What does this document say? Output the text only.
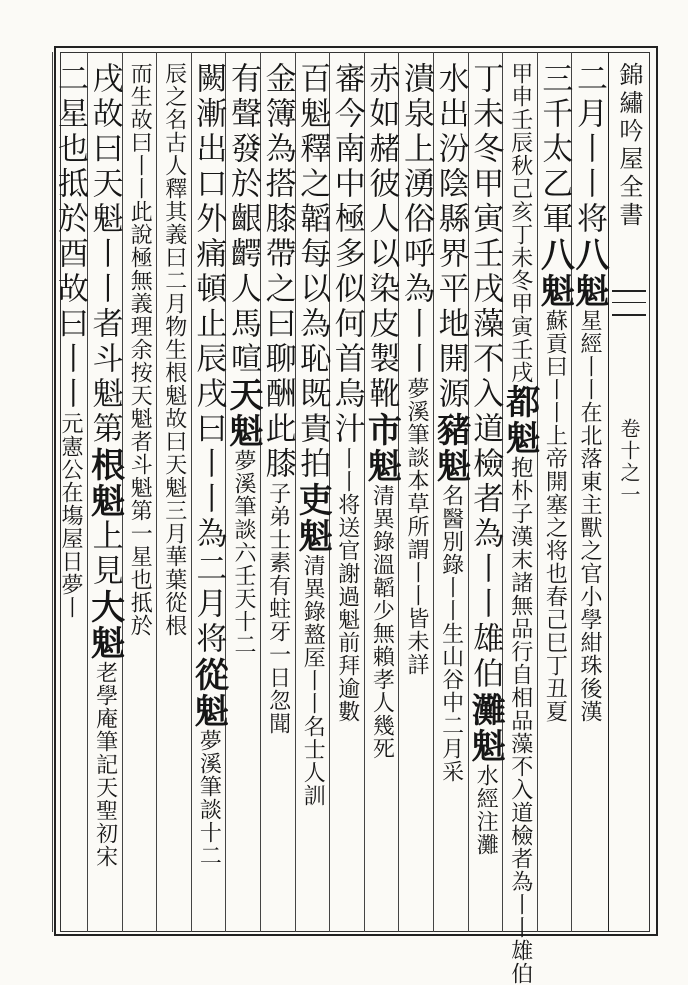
錦繡吟屋全書
卷十之一
二月丨丨将八魁星經丨丨在北落東主獸之官小學紺珠後漢
三千太乙軍八魁蘇貢曰丨丨上帝開塞之将也春己巳丁丑夏
甲申壬辰秋己亥丁未冬甲寅壬戌都魁抱朴子漢末諸無品行自相品藻不入道檢者為丨丨雄伯
丁未冬甲寅壬戌藻不入道檢者為丨丨雄伯灘魁水經注灘
水出汾陰縣界平地開源豬魁名醫別錄丨丨生山谷中二月采
潰泉上湧俗呼為丨丨夢溪筆談本草所謂丨丨皆未詳
赤如赭彼人以染皮製靴市魁清異錄溫韜少無賴孝人幾死
審今南中極多似何首烏汁丨丨将送官謝過魁前拜逾數
百魁釋之韜每以為恥既貴拍吏魁清異錄盩厔丨丨名士人訓
金簿為搭膝帶之曰聊酬此膝子弟士素有蛀牙一日忽聞
有聲發於齦齶人馬喧天魁夢溪筆談六壬天十二
闕漸出口外痛頓止辰戌曰丨丨為二月将從魁夢溪筆談十二
辰之名古人釋其義曰二月物生根魁故曰天魁三月華葉從根
而生故曰丨丨此說極無義理余按天魁者斗魁第一星也抵於
戌故曰天魁丨丨者斗魁第根魁上見大魁老學庵筆記天聖初宋
二星也抵於酉故曰丨丨元憲公在塲屋日夢丨
